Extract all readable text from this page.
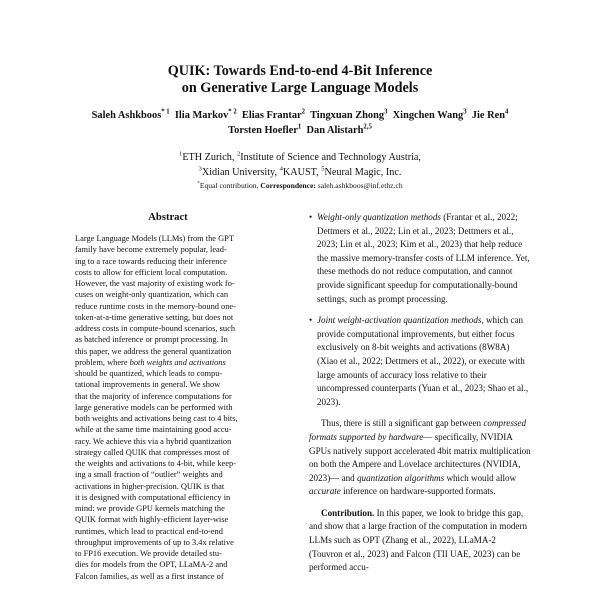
QUIK: Towards End-to-end 4-Bit Inference
on Generative Large Language Models
Saleh Ashkboos$^{* 1}$ Ilia Markov$^{* 2}$ Elias Frantar$^2$ Tingxuan Zhong$^3$ Xingchen Wang$^3$ Jie Ren$^4$
Torsten Hoefler$^1$ Dan Alistarh$^{2,5}$
$^1$ETH Zurich, $^2$Institute of Science and Technology Austria,
$^3$Xidian University, $^4$KAUST, $^5$Neural Magic, Inc.
*Equal contribution, Correspondence: saleh.ashkboos@inf.ethz.ch
Abstract
Large Language Models (LLMs) from the GPT
family have become extremely popular, lead-
ing to a race towards reducing their inference
costs to allow for efficient local computation.
However, the vast majority of existing work fo-
cuses on weight-only quantization, which can
reduce runtime costs in the memory-bound one-
token-at-a-time generative setting, but does not
address costs in compute-bound scenarios, such
as batched inference or prompt processing. In
this paper, we address the general quantization
problem, where both weights and activations
should be quantized, which leads to compu-
tational improvements in general. We show
that the majority of inference computations for
large generative models can be performed with
both weights and activations being cast to 4 bits,
while at the same time maintaining good accu-
racy. We achieve this via a hybrid quantization
strategy called QUIK that compresses most of
the weights and activations to 4-bit, while keep-
ing a small fraction of “outlier” weights and
activations in higher-precision. QUIK is that
it is designed with computational efficiency in
mind: we provide GPU kernels matching the
QUIK format with highly-efficient layer-wise
runtimes, which lead to practical end-to-end
throughput improvements of up to 3.4x relative
to FP16 execution. We provide detailed stu-
dies for models from the OPT, LLaMA-2 and
Falcon families, as well as a first instance of
• Weight-only quantization methods (Frantar et al., 2022; Dettmers et al., 2022; Lin et al., 2023; Dettmers et al., 2023; Lin et al., 2023; Kim et al., 2023) that help reduce the massive memory-transfer costs of LLM inference. Yet, these methods do not reduce computation, and cannot provide significant speedup for computationally-bound settings, such as prompt processing.
• Joint weight-activation quantization methods, which can provide computational improvements, but either focus exclusively on 8-bit weights and activations (8W8A) (Xiao et al., 2022; Dettmers et al., 2022), or execute with large amounts of accuracy loss relative to their uncompressed counterparts (Yuan et al., 2023; Shao et al., 2023).

Thus, there is still a significant gap between compressed formats supported by hardware— specifically, NVIDIA GPUs natively support accelerated 4bit matrix multiplication on both the Ampere and Lovelace architectures (NVIDIA, 2023)— and quantization algorithms which would allow accurate inference on hardware-supported formats.

Contribution. In this paper, we look to bridge this gap, and show that a large fraction of the computation in modern LLMs such as OPT (Zhang et al., 2022), LLaMA-2 (Touvron et al., 2023) and Falcon (TII UAE, 2023) can be performed accu-
